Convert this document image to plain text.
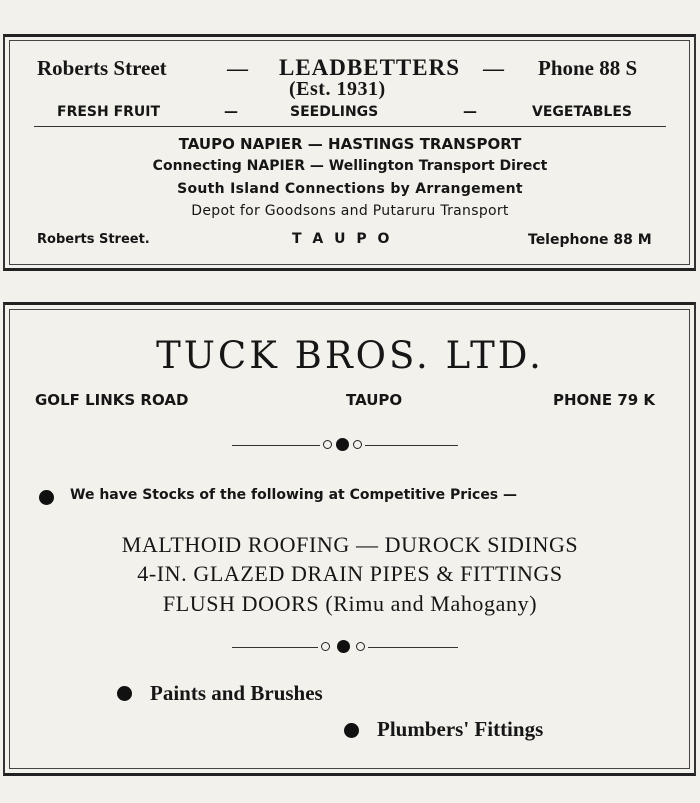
Roberts Street	— LEADBETTERS — Phone 88 S
(Est. 1931)
FRESH FRUIT	—	SEEDLINGS	—	VEGETABLES
TAUPO NAPIER — HASTINGS TRANSPORT
Connecting NAPIER — Wellington Transport Direct
South Island Connections by Arrangement
Depot for Goodsons and Putaruru Transport
Roberts Street.	T A U P O	Telephone 88 M
TUCK BROS. LTD.
GOLF LINKS ROAD	TAUPO	PHONE 79 K
We have Stocks of the following at Competitive Prices —
MALTHOID ROOFING — DUROCK SIDINGS
4-IN. GLAZED DRAIN PIPES & FITTINGS
FLUSH DOORS (Rimu and Mahogany)
Paints and Brushes
Plumbers' Fittings
